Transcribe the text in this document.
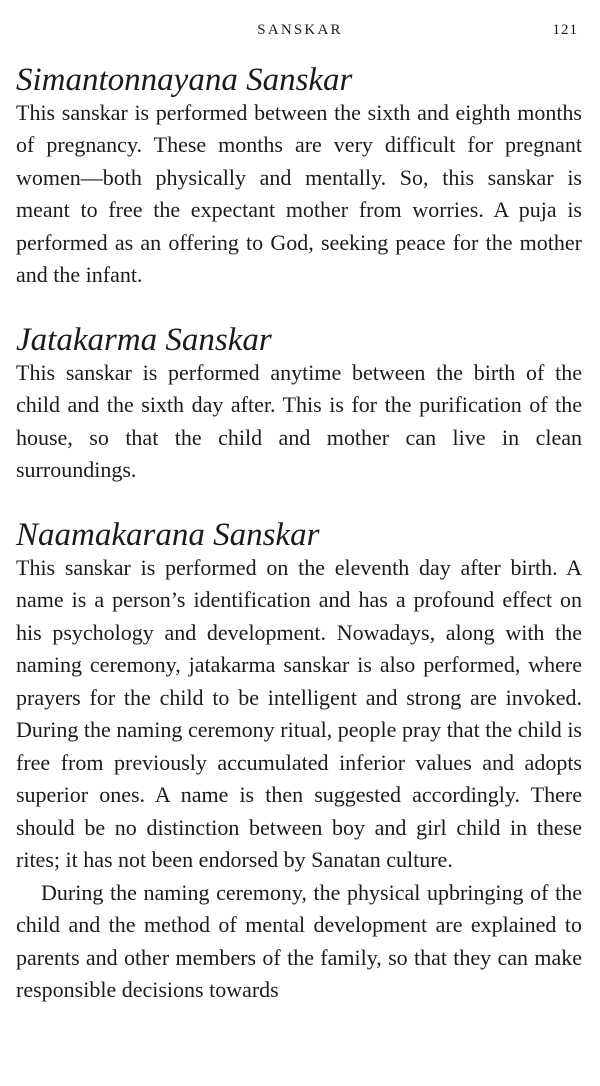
SANSKAR	121
Simantonnayana Sanskar

This sanskar is performed between the sixth and eighth months of pregnancy. These months are very difficult for pregnant women—both physically and mentally. So, this sanskar is meant to free the expectant mother from worries. A puja is performed as an offering to God, seeking peace for the mother and the infant.

Jatakarma Sanskar

This sanskar is performed anytime between the birth of the child and the sixth day after. This is for the purification of the house, so that the child and mother can live in clean surroundings.

Naamakarana Sanskar

This sanskar is performed on the eleventh day after birth. A name is a person’s identification and has a profound effect on his psychology and development. Nowadays, along with the naming ceremony, jatakarma sanskar is also performed, where prayers for the child to be intelligent and strong are invoked. During the naming ceremony ritual, people pray that the child is free from previously accumulated inferior values and adopts superior ones. A name is then suggested accordingly. There should be no distinction between boy and girl child in these rites; it has not been endorsed by Sanatan culture.

During the naming ceremony, the physical upbringing of the child and the method of mental development are explained to parents and other members of the family, so that they can make responsible decisions towards
